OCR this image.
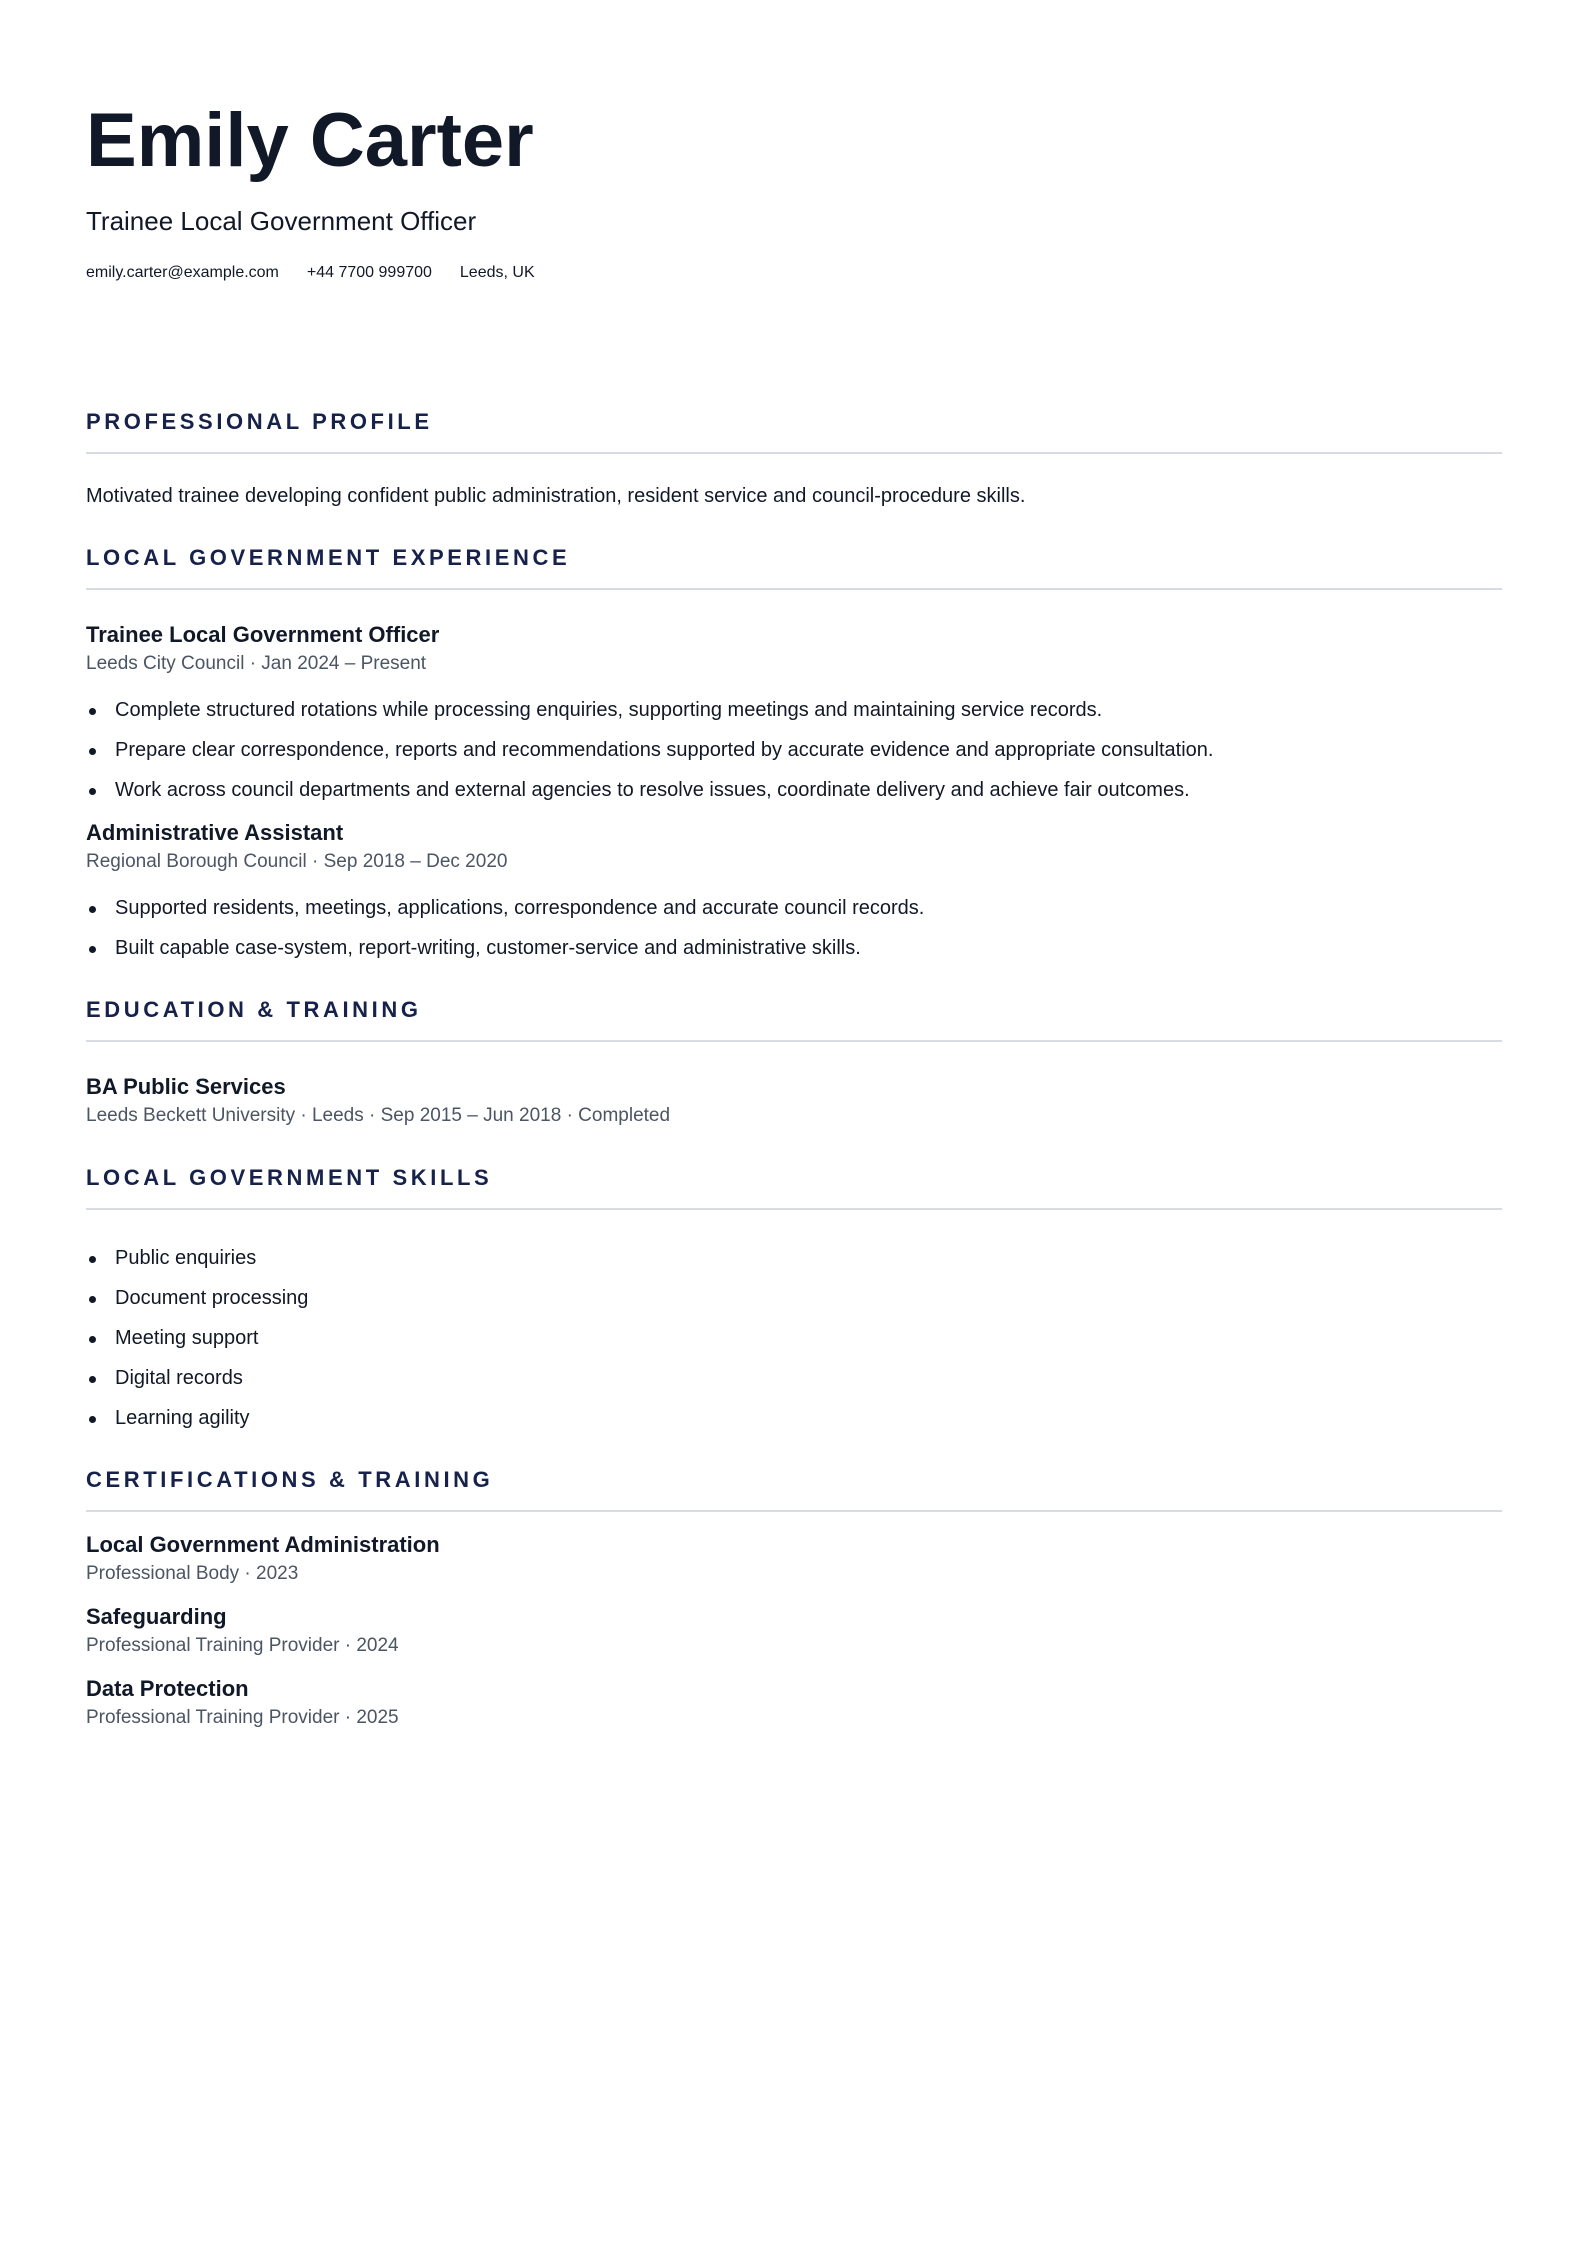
Emily Carter
Trainee Local Government Officer
emily.carter@example.com +44 7700 999700 Leeds, UK
PROFESSIONAL PROFILE
Motivated trainee developing confident public administration, resident service and council-procedure skills.
LOCAL GOVERNMENT EXPERIENCE
Trainee Local Government Officer
Leeds City Council · Jan 2024 – Present
Complete structured rotations while processing enquiries, supporting meetings and maintaining service records.
Prepare clear correspondence, reports and recommendations supported by accurate evidence and appropriate consultation.
Work across council departments and external agencies to resolve issues, coordinate delivery and achieve fair outcomes.
Administrative Assistant
Regional Borough Council · Sep 2018 – Dec 2020
Supported residents, meetings, applications, correspondence and accurate council records.
Built capable case-system, report-writing, customer-service and administrative skills.
EDUCATION & TRAINING
BA Public Services
Leeds Beckett University · Leeds · Sep 2015 – Jun 2018 · Completed
LOCAL GOVERNMENT SKILLS
Public enquiries
Document processing
Meeting support
Digital records
Learning agility
CERTIFICATIONS & TRAINING
Local Government Administration
Professional Body · 2023
Safeguarding
Professional Training Provider · 2024
Data Protection
Professional Training Provider · 2025
